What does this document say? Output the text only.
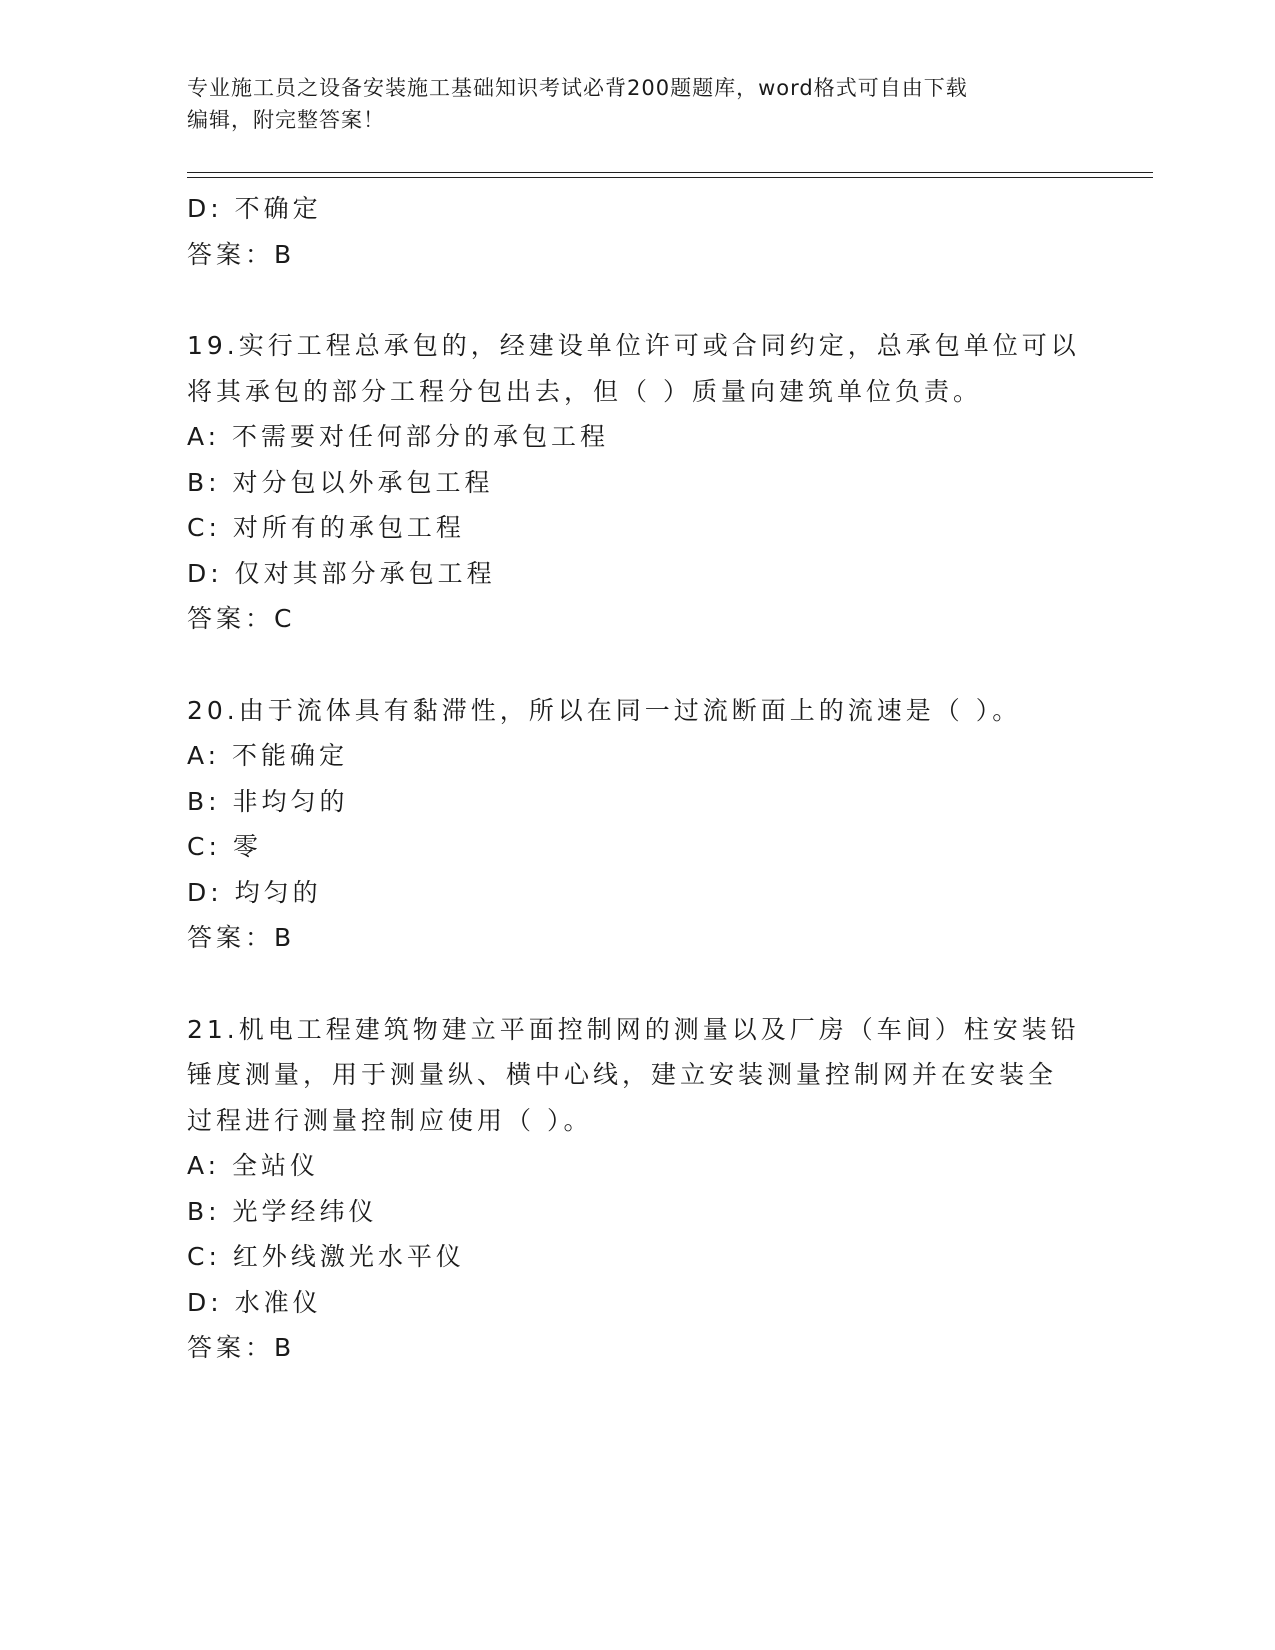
专业施工员之设备安装施工基础知识考试必背200题题库，word格式可自由下载
编辑，附完整答案！
D: 不确定
答案：B
19.实行工程总承包的，经建设单位许可或合同约定，总承包单位可以
将其承包的部分工程分包出去，但（ ）质量向建筑单位负责。
A: 不需要对任何部分的承包工程
B: 对分包以外承包工程
C: 对所有的承包工程
D: 仅对其部分承包工程
答案：C
20.由于流体具有黏滞性，所以在同一过流断面上的流速是（ ）。
A: 不能确定
B: 非均匀的
C: 零
D: 均匀的
答案：B
21.机电工程建筑物建立平面控制网的测量以及厂房（车间）柱安装铅
锤度测量，用于测量纵、横中心线，建立安装测量控制网并在安装全
过程进行测量控制应使用（ ）。
A: 全站仪
B: 光学经纬仪
C: 红外线激光水平仪
D: 水准仪
答案：B
